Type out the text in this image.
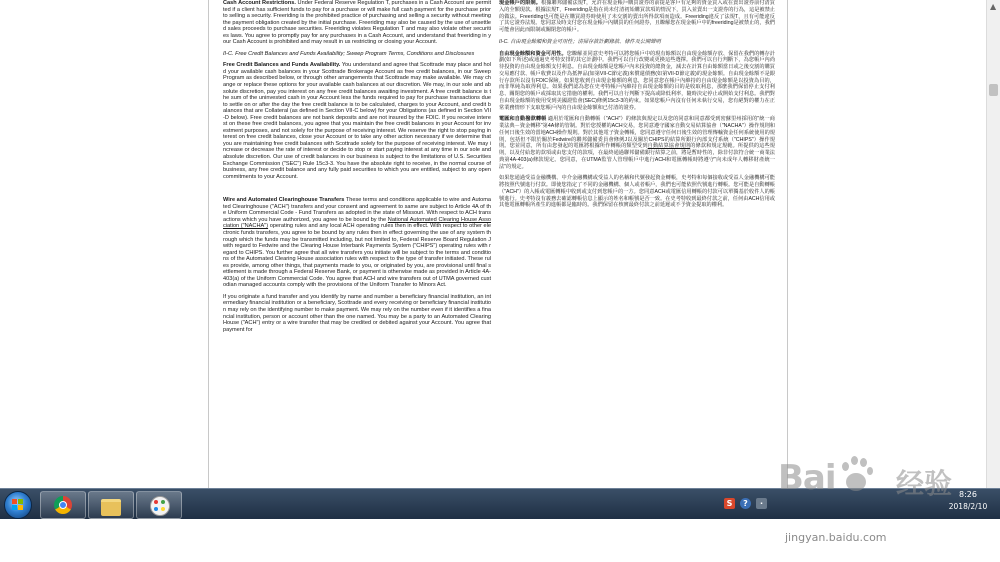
Cash Account Restrictions. Under Federal Reserve Regulation T, purchases in a Cash Account are permitted if a client has sufficient funds to pay for a purchase or will make full cash payment for the purchase prior to selling a security. Freeriding is the prohibited practice of purchasing and selling a security without meeting the payment obligation created by the initial purchase. Freeriding may also be caused by the use of unsettled sales proceeds to purchase securities. Freeriding violates Regulation T and may also violate other securities laws. You agree to promptly pay for any purchases in a Cash Account, and understand that freeriding in your Cash Account is prohibited and may result in us restricting or closing your Account.

II-C. Free Credit Balances and Funds Availability; Sweep Program Terms, Conditions and Disclosures

Free Credit Balances and Funds Availability. You understand and agree that Scottrade may place and hold your available cash balances in your Scottrade Brokerage Account as free credit balances, in our Sweep Program as described below, or through other arrangements that Scottrade may make available. We may change or replace these options for your available cash balances at our discretion. We may, in our sole and absolute discretion, pay you interest on any free credit balances awaiting investment. A free credit balance is the sum of the uninvested cash in your Account less the funds required to pay for purchase transactions due to settle on or after the day the free credit balance is to be calculated, charges to your Account, and credit balances that are Collateral (as defined in Section VII-C below) for your Obligations (as defined in Section VII-D below). Free credit balances are not bank deposits and are not insured by the FDIC. If you receive interest on these free credit balances, you agree that you maintain the free credit balances in your Account for investment purposes, and not solely for the purpose of receiving interest. We reserve the right to stop paying interest on free credit balances, close your Account or to take any other action necessary if we determine that you are maintaining free credit balances with Scottrade solely for the purpose of receiving interest. We may increase or decrease the rate of interest or decide to stop or start paying interest at any time in our sole and absolute discretion. Our use of credit balances in our business is subject to the limitations of U.S. Securities Exchange Commission ("SEC") Rule 15c3-3. You have the absolute right to receive, in the normal course of business, any free credit balance and any fully paid securities to which you are entitled, subject to any open commitments to your Account.

Wire and Automated Clearinghouse Transfers These terms and conditions applicable to wire and Automated Clearinghouse ("ACH") transfers and your consent and agreement to same are subject to Article 4A of the Uniform Commercial Code - Fund Transfers as adopted in the state of Missouri. With respect to ACH transactions which you have authorized, you agree to be bound by the National Automated Clearing House Association ("NACHA") operating rules and any local ACH operating rules then in effect. With respect to other electronic funds transfers, you agree to be bound by any rules then in effect governing the use of any system through which the funds may be transmitted including, but not limited to, Federal Reserve Board Regulation J with regard to Fedwire and the Clearing House Interbank Payments System ("CHIPS") operating rules with regard to CHIPS. You further agree that all wire transfers you initiate will be subject to the terms and conditions of the Automated Clearing House association rules with respect to the type of transfer initiated. These rules provide, among other things, that payments made to you, or originated by you, are provisional until final settlement is made through a Federal Reserve Bank, or payment is otherwise made as provided in Article 4A-403(a) of the Uniform Commercial Code. You agree that ACH and wire transfers out of UTMA governed custodian managed accounts comply with the provisions of the Uniform Transfer to Minors Act.

If you originate a fund transfer and you identify by name and number a beneficiary financial institution, an intermediary financial institution or a beneficiary, Scottrade and every receiving or beneficiary financial institution may rely on the identifying number to make payment. We may rely on the number even if it identifies a financial institution, person or account other than the one named. You may be a party to an Automated Clearing House ("ACH") entry or a wire transfer that may be credited or debited against your Account. You agree that payment for

現金帳戶的限制。根據聯邦儲備法規T，允許在現金帳戶購買證券的前提是客戶有足夠的資金買入或在賣出證券前付清買入的全額現款。根據法規T，Freeriding是指在尚未付清初始購買款項的情況下，買入並賣出一支證券的行為，這是被禁止的做法。Freeriding也可能是在購買證券時使用了未交割的賣出所得款項而造成。Freeriding違反了法規T，且有可能違反了其它證券法規。您同意及時支付您在現金帳戶內購買的任何證券，且瞭解您在現金帳戶中的freeriding是被禁止的，我們可能會因此而限制或關閉您的帳戶。

II-C. 自由現金餘額和資金可用性；清掃存款計劃條款、條件及公開聲明

自由現金餘額和資金可用性。您瞭解並同意史考特可以將您帳戶中的現有餘額以自由現金餘額存放、保留在我們的轉存計劃(如下所述)或通過史考特安排的其它計劃中。我們可以自行改變或更換這些選擇。我們可以自行判斷下，為您帳戶內尚待投資的自由現金餘額支付利息。自由現金餘額是您帳戶內未投資的總資金，減去在計算自由餘額當日或之後交割的購買交易應付款、帳戶收費以及作為抵押品(如第VII-C節定義)來償還債務(如第VII-D節定義)的現金餘額。自由現金餘額不是銀行存款所以沒有FDIC保險。如果您收到自由現金餘額的利息，您同意您在帳戶內維持的自由現金餘額是以投資為目的，而非單純為取得利息。如果我們認為您在史考特帳戶內維持自由現金餘額的目的是收取利息，那麼我們保留停止支付利息、關閉您的帳戶或採取其它措施的權利。我們可以自行判斷下提高或降低利率，隨時決定停止或開始支付利息。我們對自由現金餘額的使用受到美國證監會(SEC)條例15c3-3的約束。如果您帳戶內沒有任何未執行交易，您有絕對的權力在正常業務情形下支取您帳戶內的自由現金餘額和已付清的證券。

電匯和自動撥款轉帳 適用於電匯和自動轉帳（"ACH"）的條款與規定以及您的同意和同意都受到密蘇里州採用的"統一商業法典－資金轉移"第4A條的管制。對於您授權的ACH交易，您同意遵守國家自動交易結算協會（"NACHA"）操作規則和任何日後生效的當地ACH操作規則。對於其他電子資金轉帳，您同意遵守任何日後生效的管理傳輸資金任何系統使用的規則，包括但不限於關於Fedwire的聯邦儲備委員會條例J以及關於CHIPS的結算所銀行內部支付系統（"CHIPS"）操作規則。您並同意，所有由您發起的電匯將根據所作轉帳的類型受到自動結算協會規則的條款和規定規範。所提供的這些規則，以及付給您的款項或由您支付的款項，在最終通過聯邦儲備銀行結算之前，將是暫時性的，除非付款符合統一商業法典第4A-403(a)條款規定。您同意，在UTMA監管人管理帳戶中進行ACH和電匯轉帳時將遵守"向未成年人轉移財產統一法"的規定。

如果您通過受益金融機構、中介金融機構或受益人的名稱和代號發起資金轉帳，史考特和每個接收或受益人金融機構可能將按照代號進行付款。即使您指定了不同的金融機構、個人或者帳戶，我們也可能依照代號進行轉帳。您可能是自動轉帳（"ACH"）的入帳或電匯轉帳中收到或支付到您帳戶的一方。您同意ACH或電匯信用轉帳的付款可以單獨基於收件人的帳號進行。史考特沒有義務去確認轉帳信息上顯示的姓名和帳號是否一致。在史考特收到最終付款之前，任何由ACH信用或其他電匯轉帳所產生的進帳都是臨時的。我們保留在核實最終付款之前延遲或不予資金提取的權利。

▲
S	?	·
8:26
2018/2/10
Bai 经验
jingyan.baidu.com
